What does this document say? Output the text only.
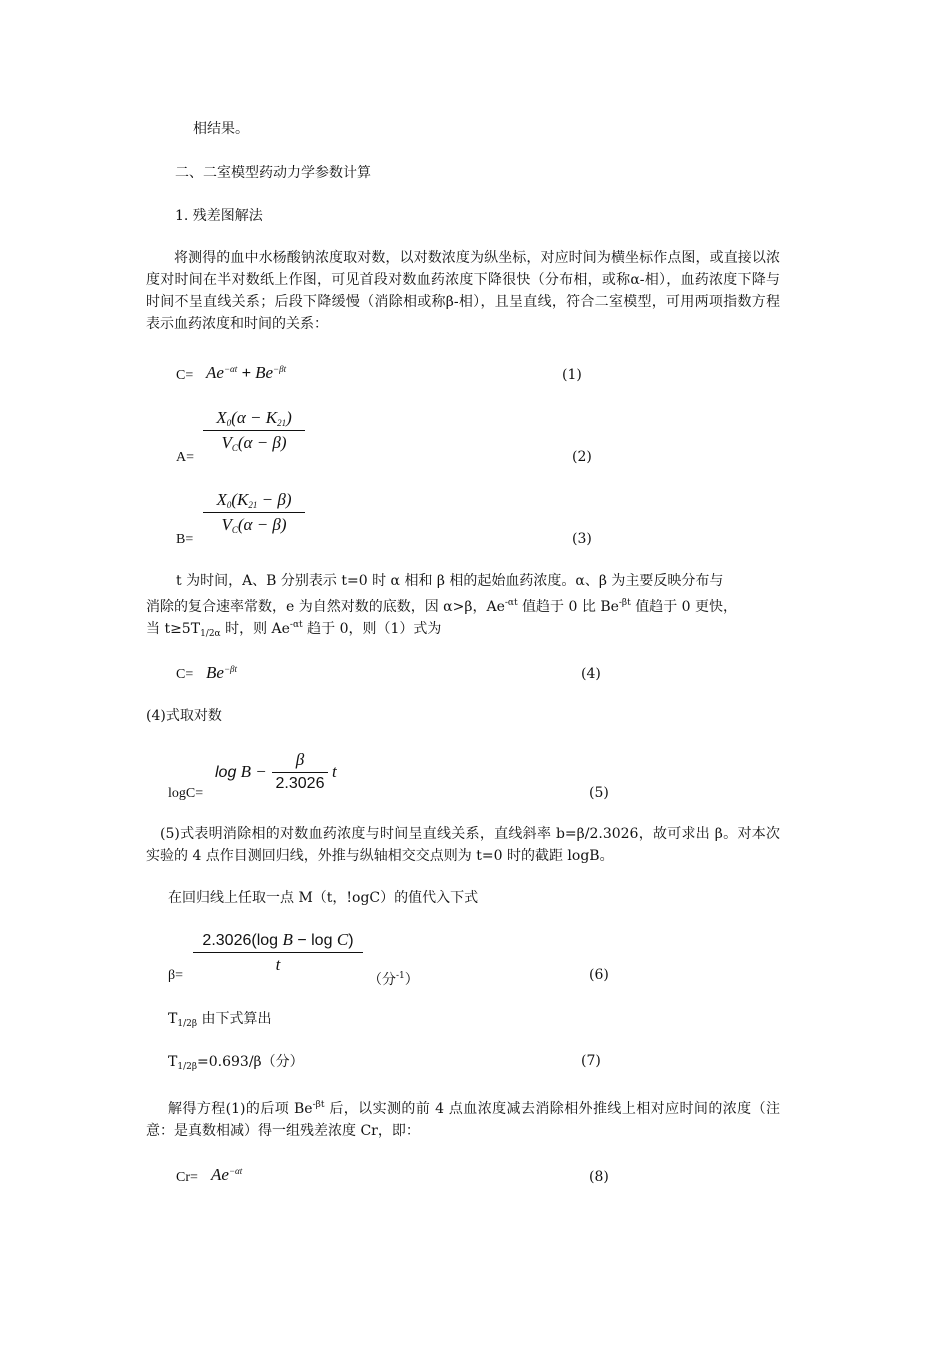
相结果。
二、二室模型药动力学参数计算
1. 残差图解法
将测得的血中水杨酸钠浓度取对数，以对数浓度为纵坐标，对应时间为横坐标作点图，或直接以浓度对时间在半对数纸上作图，可见首段对数血药浓度下降很快（分布相，或称α-相），血药浓度下降与时间不呈直线关系；后段下降缓慢（消除相或称β-相），且呈直线，符合二室模型，可用两项指数方程表示血药浓度和时间的关系：
$C= Ae^{-\alpha t} + Be^{-\beta t}$	(1)
A=
$X_0(\alpha - K_{21})$
$V_C(\alpha - \beta)$
(2)
B=
$X_0(K_{21} - \beta)$
$V_C(\alpha - \beta)$
(3)
t 为时间，A、B 分别表示 t=0 时 α 相和 β 相的起始血药浓度。α、β 为主要反映分布与
消除的复合速率常数，e 为自然对数的底数，因 α>β，$Ae^{-\alpha t}$ 值趋于 0 比 $Be^{-\beta t}$ 值趋于 0 更快，
当 $t\ge 5T_{1/2\alpha}$ 时，则 $Ae^{-\alpha t}$ 趋于 0，则（1）式为
$C= Be^{-\beta t}$	(4)
(4)式取对数
logC=
log B −
β
2.3026
t
(5)
(5)式表明消除相的对数血药浓度与时间呈直线关系，直线斜率 b=β/2.3026，故可求出 β。对本次实验的 4 点作目测回归线，外推与纵轴相交交点则为 t=0 时的截距 logB。
在回归线上任取一点 M（t，!ogC）的值代入下式
β=
2.3026(log B − log C)
t
（分$^{-1}$）	(6)
$T_{1/2\beta}$ 由下式算出
$T_{1/2\beta}=0.693/\beta$（分）	(7)
解得方程(1)的后项 $Be^{-\beta t}$ 后，以实测的前 4 点血浓度减去消除相外推线上相对应时间的浓度（注意：是真数相减）得一组残差浓度 Cr，即：
$Cr= Ae^{-\alpha t}$	(8)
